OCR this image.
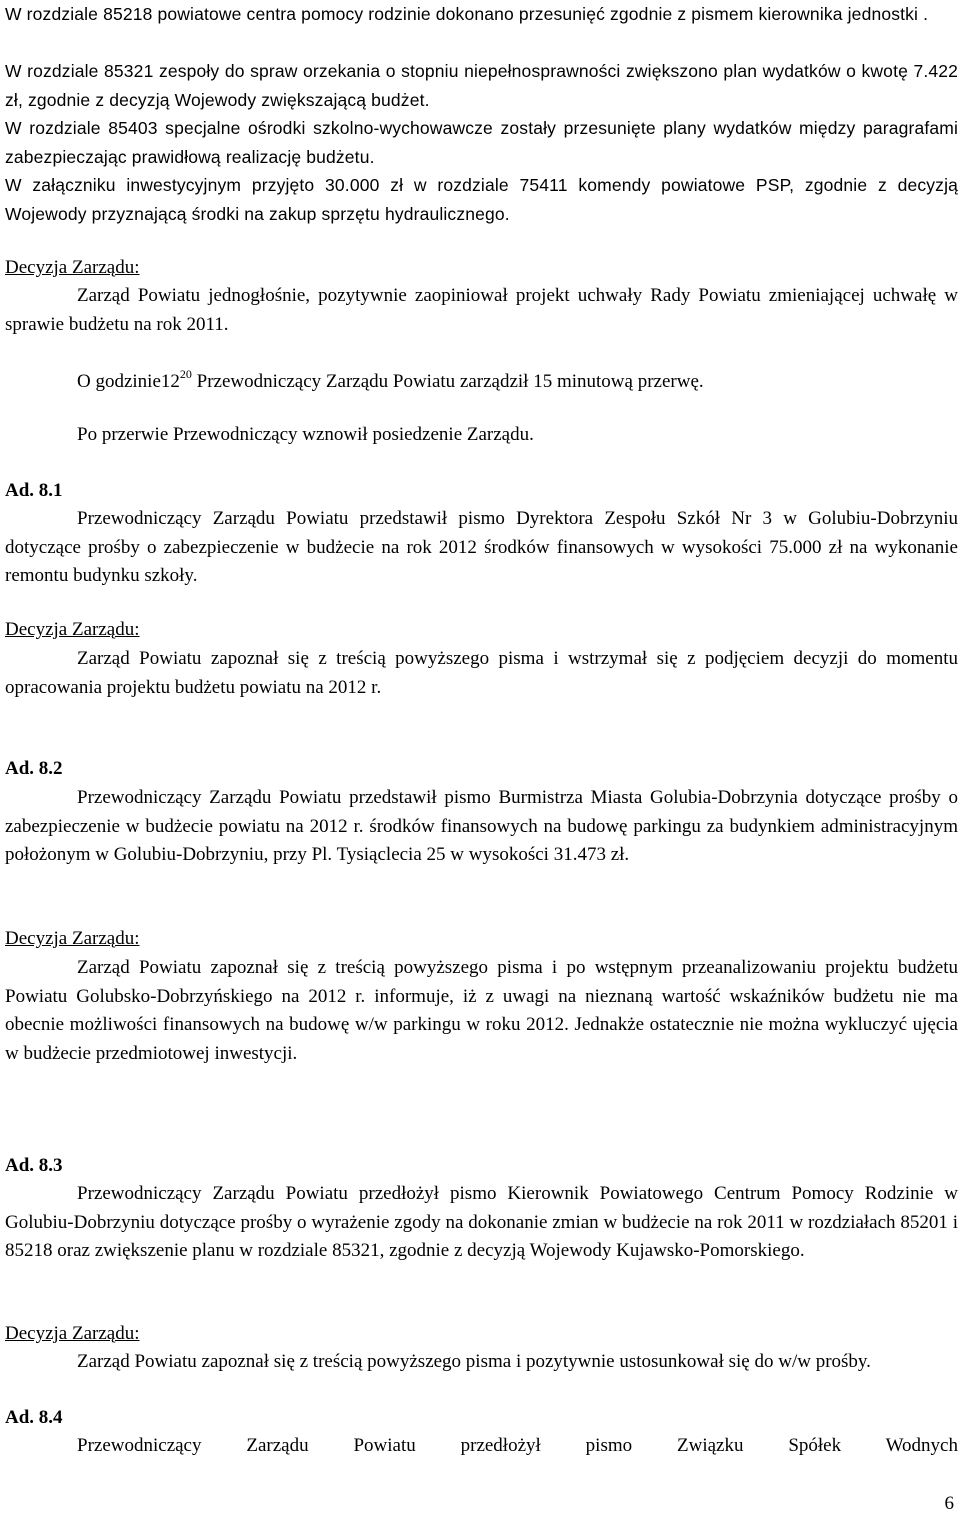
W rozdziale 85218 powiatowe centra pomocy rodzinie dokonano przesunięć zgodnie z pismem kierownika jednostki .

W rozdziale 85321 zespoły do spraw orzekania o stopniu niepełnosprawności zwiększono plan wydatków o kwotę 7.422 zł, zgodnie z decyzją Wojewody zwiększającą budżet.

W rozdziale 85403 specjalne ośrodki szkolno-wychowawcze zostały przesunięte plany wydatków między paragrafami zabezpieczając prawidłową realizację budżetu.

W załączniku inwestycyjnym przyjęto 30.000 zł w rozdziale 75411 komendy powiatowe PSP, zgodnie z decyzją Wojewody przyznającą środki na zakup sprzętu hydraulicznego.

Decyzja Zarządu:

Zarząd Powiatu jednogłośnie, pozytywnie zaopiniował projekt uchwały Rady Powiatu zmieniającej uchwałę w sprawie budżetu na rok 2011.

O $godzinie12^{20}$ Przewodniczący Zarządu Powiatu zarządził 15 minutową przerwę.

Po przerwie Przewodniczący wznowił posiedzenie Zarządu.

Ad. 8.1

Przewodniczący Zarządu Powiatu przedstawił pismo Dyrektora Zespołu Szkół Nr 3 w Golubiu-Dobrzyniu dotyczące prośby o zabezpieczenie w budżecie na rok 2012 środków finansowych w wysokości 75.000 zł na wykonanie remontu budynku szkoły.

Decyzja Zarządu:

Zarząd Powiatu zapoznał się z treścią powyższego pisma i wstrzymał się z podjęciem decyzji do momentu opracowania projektu budżetu powiatu na 2012 r.

Ad. 8.2

Przewodniczący Zarządu Powiatu przedstawił pismo Burmistrza Miasta Golubia-Dobrzynia dotyczące prośby o zabezpieczenie w budżecie powiatu na 2012 r. środków finansowych na budowę parkingu za budynkiem administracyjnym położonym w Golubiu-Dobrzyniu, przy Pl. Tysiąclecia 25 w wysokości 31.473 zł.

Decyzja Zarządu:

Zarząd Powiatu zapoznał się z treścią powyższego pisma i po wstępnym przeanalizowaniu projektu budżetu Powiatu Golubsko-Dobrzyńskiego na 2012 r. informuje, iż z uwagi na nieznaną wartość wskaźników budżetu nie ma obecnie możliwości finansowych na budowę w/w parkingu w roku 2012. Jednakże ostatecznie nie można wykluczyć ujęcia w budżecie przedmiotowej inwestycji.

Ad. 8.3

Przewodniczący Zarządu Powiatu przedłożył pismo Kierownik Powiatowego Centrum Pomocy Rodzinie w Golubiu-Dobrzyniu dotyczące prośby o wyrażenie zgody na dokonanie zmian w budżecie na rok 2011 w rozdziałach 85201 i 85218 oraz zwiększenie planu w rozdziale 85321, zgodnie z decyzją Wojewody Kujawsko-Pomorskiego.

Decyzja Zarządu:

Zarząd Powiatu zapoznał się z treścią powyższego pisma i pozytywnie ustosunkował się do w/w prośby.

Ad. 8.4

Przewodniczący Zarządu Powiatu przedłożył pismo Związku Spółek Wodnych

6
